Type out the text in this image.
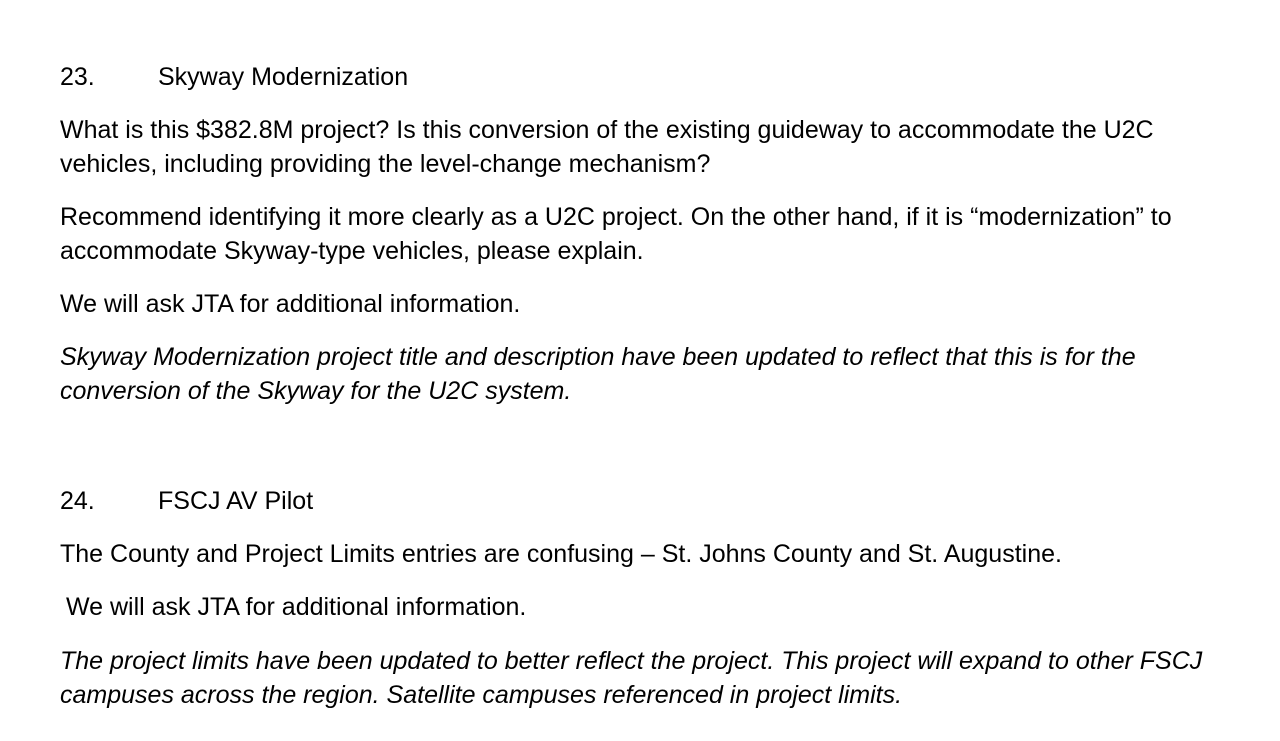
23.	Skyway Modernization

What is this $382.8M project? Is this conversion of the existing guideway to accommodate the U2C vehicles, including providing the level-change mechanism?

Recommend identifying it more clearly as a U2C project. On the other hand, if it is “modernization” to accommodate Skyway-type vehicles, please explain.

We will ask JTA for additional information.

Skyway Modernization project title and description have been updated to reflect that this is for the conversion of the Skyway for the U2C system.

24.	FSCJ AV Pilot

The County and Project Limits entries are confusing – St. Johns County and St. Augustine.

We will ask JTA for additional information.

The project limits have been updated to better reflect the project. This project will expand to other FSCJ campuses across the region. Satellite campuses referenced in project limits.
